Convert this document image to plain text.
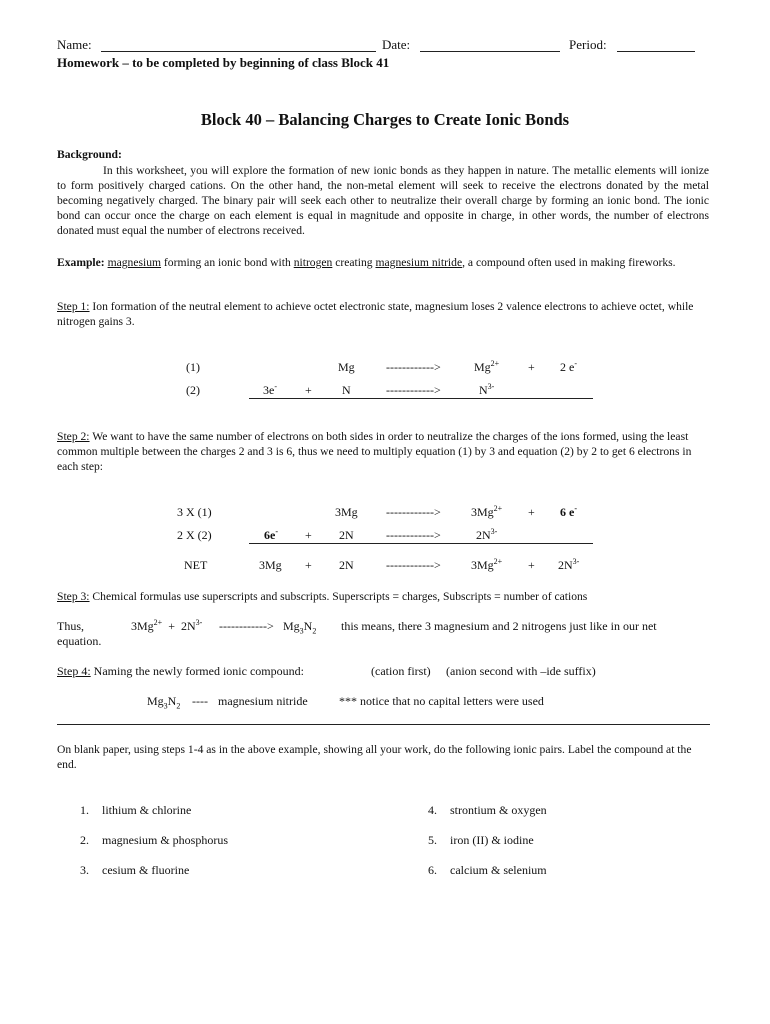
Name:	Date:	Period:
Homework – to be completed by beginning of class Block 41
Block 40 – Balancing Charges to Create Ionic Bonds
Background:
In this worksheet, you will explore the formation of new ionic bonds as they happen in nature. The metallic elements will ionize to form positively charged cations. On the other hand, the non-metal element will seek to receive the electrons donated by the metal becoming negatively charged. The binary pair will seek each other to neutralize their overall charge by forming an ionic bond. The ionic bond can occur once the charge on each element is equal in magnitude and opposite in charge, in other words, the number of electrons donated must equal the number of electrons received.
Example: magnesium forming an ionic bond with nitrogen creating magnesium nitride, a compound often used in making fireworks.
Step 1: Ion formation of the neutral element to achieve octet electronic state, magnesium loses 2 valence electrons to achieve octet, while nitrogen gains 3.
(1)	Mg	------------>	$Mg^{2+} + 2$ e-
(2)	3e- +	N	------------>	$N^{3-}$
Step 2: We want to have the same number of electrons on both sides in order to neutralize the charges of the ions formed, using the least common multiple between the charges 2 and 3 is 6, thus we need to multiply equation (1) by 3 and equation (2) by 2 to get 6 electrons in each step:
3 X (1)	3Mg ------------>	$3Mg^{2+} + 6$ e-
2 X (2)	6e- + 2N	------------>	$2N^{3-}$
NET	3Mg + 2N	------------>	$3Mg^{2+} + 2N^{3-}$
Step 3: Chemical formulas use superscripts and subscripts. Superscripts = charges, Subscripts = number of cations
Thus,	$3Mg^{2+} + 2N^{3-}$ ------------> $Mg_3N_2$ this means, there 3 magnesium and 2 nitrogens just like in our net
equation.
Step 4: Naming the newly formed ionic compound:	(cation first) (anion second with –ide suffix)
$Mg_3N_2$ ---- magnesium nitride	*** notice that no capital letters were used
On blank paper, using steps 1-4 as in the above example, showing all your work, do the following ionic pairs. Label the compound at the end.
1. lithium & chlorine
2. magnesium & phosphorus
3. cesium & fluorine
4. strontium & oxygen
5. iron (II) & iodine
6. calcium & selenium
